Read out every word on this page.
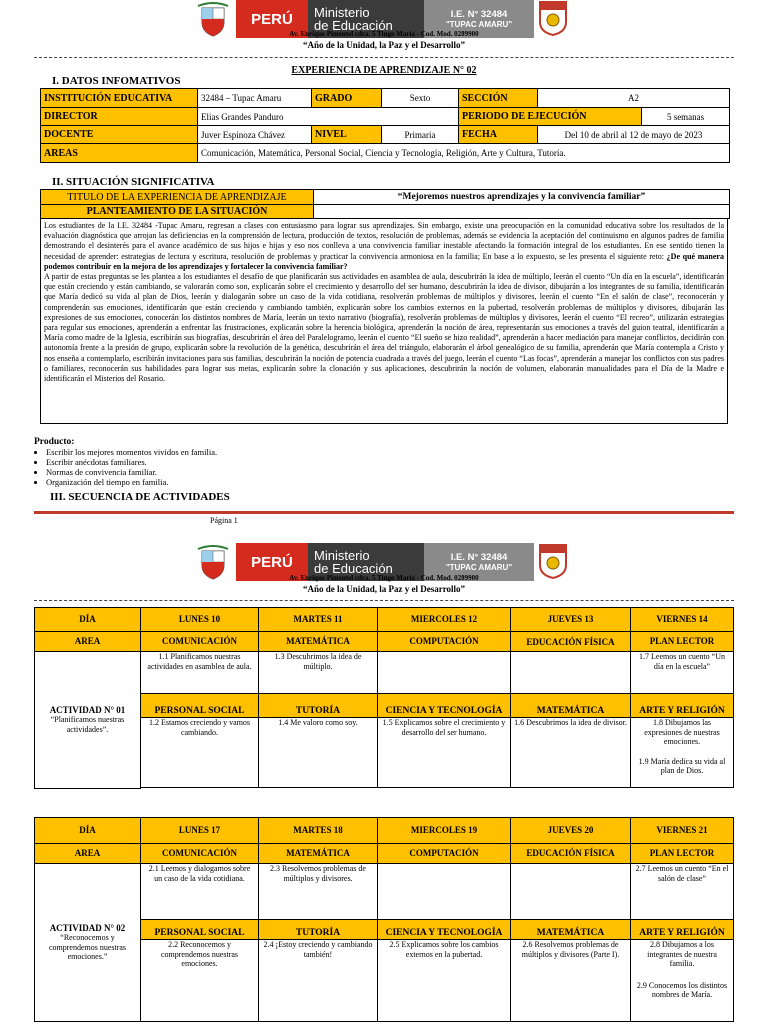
PERÚ Ministerio
de Educación
I.E. N° 32484
"TUPAC AMARU"
Av. Enrique Pimentel cdra. 5 Tingo María - Cod. Mod. 0289900
“Año de la Unidad, la Paz y el Desarrollo”
EXPERIENCIA DE APRENDIZAJE N° 02
I. DATOS INFOMATIVOS
INSTITUCIÓN EDUCATIVA	32484 – Tupac Amaru	GRADO	Sexto	SECCIÓN	A2	
DIRECTOR	Elias Grandes Panduro			PERIODO DE EJECUCIÓN		5 semanas
DOCENTE	Juver Espinoza Chávez	NIVEL	Primaria	FECHA	Del 10 de abril al 12 de mayo de 2023	
AREAS	Comunicación, Matemática, Personal Social, Ciencia y Tecnología, Religión, Arte y Cultura, Tutoría.					
II. SITUACIÓN SIGNIFICATIVA
TITULO DE LA EXPERIENCIA DE APRENDIZAJE	“Mejoremos nuestros aprendizajes y la convivencia familiar”
PLANTEAMIENTO DE LA SITUACIÓN	
Los estudiantes de la I.E. 32484 -Tupac Amaru, regresan a clases con entusiasmo para lograr sus aprendizajes. Sin embargo, existe una preocupación en la comunidad educativa sobre los resultados de la evaluación diagnóstica que arrojan las deficiencias en la comprensión de lectura, producción de textos, resolución de problemas, además se evidencia la aceptación del continuismo en algunos padres de familia demostrando el desinterés para el avance académico de sus hijos e hijas y eso nos conlleva a una convivencia familiar inestable afectando la formación integral de los estudiantes. En ese sentido tienen la necesidad de aprender: estrategias de lectura y escritura, resolución de problemas y practicar la convivencia armoniosa en la familia; En base a lo expuesto, se les presenta el siguiente reto: ¿De qué manera podemos contribuir en la mejora de los aprendizajes y fortalecer la convivencia familiar?
A partir de estas preguntas se les plantea a los estudiantes el desafío de que planificarán sus actividades en asamblea de aula, descubrirán la idea de múltiplo, leerán el cuento “Un día en la escuela”, identificarán que están creciendo y están cambiando, se valorarán como son, explicarán sobre el crecimiento y desarrollo del ser humano, descubrirán la idea de divisor, dibujarán a los integrantes de su familia, identificarán que María dedicó su vida al plan de Dios, leerán y dialogarán sobre un caso de la vida cotidiana, resolverán problemas de múltiplos y divisores, leerán el cuento “En el salón de clase”, reconocerán y comprenderán sus emociones, identificarán que están creciendo y cambiando también, explicarán sobre los cambios externos en la pubertad, resolverán problemas de múltiplos y divisores, dibujarán las expresiones de sus emociones, conocerán los distintos nombres de María, leerán un texto narrativo (biografía), resolverán problemas de múltiplos y divisores, leerán el cuento “El recreo”, utilizarán estrategias para regular sus emociones, aprenderán a enfrentar las frustraciones, explicarán sobre la herencia biológica, aprenderán la noción de área, representarán sus emociones a través del guion teatral, identificarán a María como madre de la Iglesia, escribirán sus biografías, descubrirán el área del Paralelogramo, leerán el cuento “El sueño se hizo realidad”, aprenderán a hacer mediación para manejar conflictos, decidirán con autonomía frente a la presión de grupo, explicarán sobre la revolución de la genética, descubrirán el área del triángulo, elaborarán el árbol genealógico de su familia, aprenderán que María contempla a Cristo y nos enseña a contemplarlo, escribirán invitaciones para sus familias, descubrirán la noción de potencia cuadrada a través del juego, leerán el cuento “Las focas”, aprenderán a manejar los conflictos con sus padres o familiares, reconocerán sus habilidades para lograr sus metas, explicarán sobre la clonación y sus aplicaciones, descubrirán la noción de volumen, elaborarán manualidades para el Día de la Madre e identificarán el Misterios del Rosario.
Producto:
• Escribir los mejores momentos vividos en familia.
• Escribir anécdotas familiares.
• Normas de convivencia familiar.
• Organización del tiempo en familia.
III. SECUENCIA DE ACTIVIDADES
Página 1
PERÚ Ministerio
de Educación
I.E. N° 32484
"TUPAC AMARU"
Av. Enrique Pimentel cdra. 5 Tingo María - Cod. Mod. 0289900
“Año de la Unidad, la Paz y el Desarrollo”
DÍA	LUNES 10	MARTES 11	MIERCOLES 12	JUEVES 13	VIERNES 14
AREA	COMUNICACIÓN	MATEMÁTICA	COMPUTACIÓN	EDUCACIÓN FÍSICA	PLAN LECTOR

ACTIVIDAD N° 01
“Planificamos nuestras actividades”.	1.1 Planificamos nuestras actividades en asamblea de aula.	1.3 Descubrimos la idea de múltiplo.			1.7 Leemos un cuento “Un día en la escuela”
	PERSONAL SOCIAL	TUTORÍA	CIENCIA Y TECNOLOGÍA	MATEMÁTICA	ARTE Y RELIGIÓN
	1.2 Estamos creciendo y vamos cambiando.	1.4 Me valoro como soy.	1.5 Explicamos sobre el crecimiento y desarrollo del ser humano.	1.6 Descubrimos la idea de divisor.	1.8 Dibujamos las expresiones de nuestras emociones.
1.9 María dedica su vida al plan de Dios.

DÍA	LUNES 17	MARTES 18	MIERCOLES 19	JUEVES 20	VIERNES 21
AREA	COMUNICACIÓN	MATEMÁTICA	COMPUTACIÓN	EDUCACIÓN FÍSICA	PLAN LECTOR

ACTIVIDAD N° 02
“Reconocemos y comprendemos nuestras emociones.”	2.1 Leemos y dialogamos sobre un caso de la vida cotidiana.	2.3 Resolvemos problemas de múltiplos y divisores.			2.7 Leemos un cuento “En el salón de clase”
	PERSONAL SOCIAL	TUTORÍA	CIENCIA Y TECNOLOGÍA	MATEMÁTICA	ARTE Y RELIGIÓN
	2.2 Reconocemos y comprendemos nuestras emociones.	2.4 ¡Estoy creciendo y cambiando también!	2.5 Explicamos sobre los cambios externos en la pubertad.	2.6 Resolvemos problemas de múltiplos y divisores (Parte I).	2.8 Dibujamos a los integrantes de nuestra familia.
2.9 Conocemos los distintos nombres de María.
